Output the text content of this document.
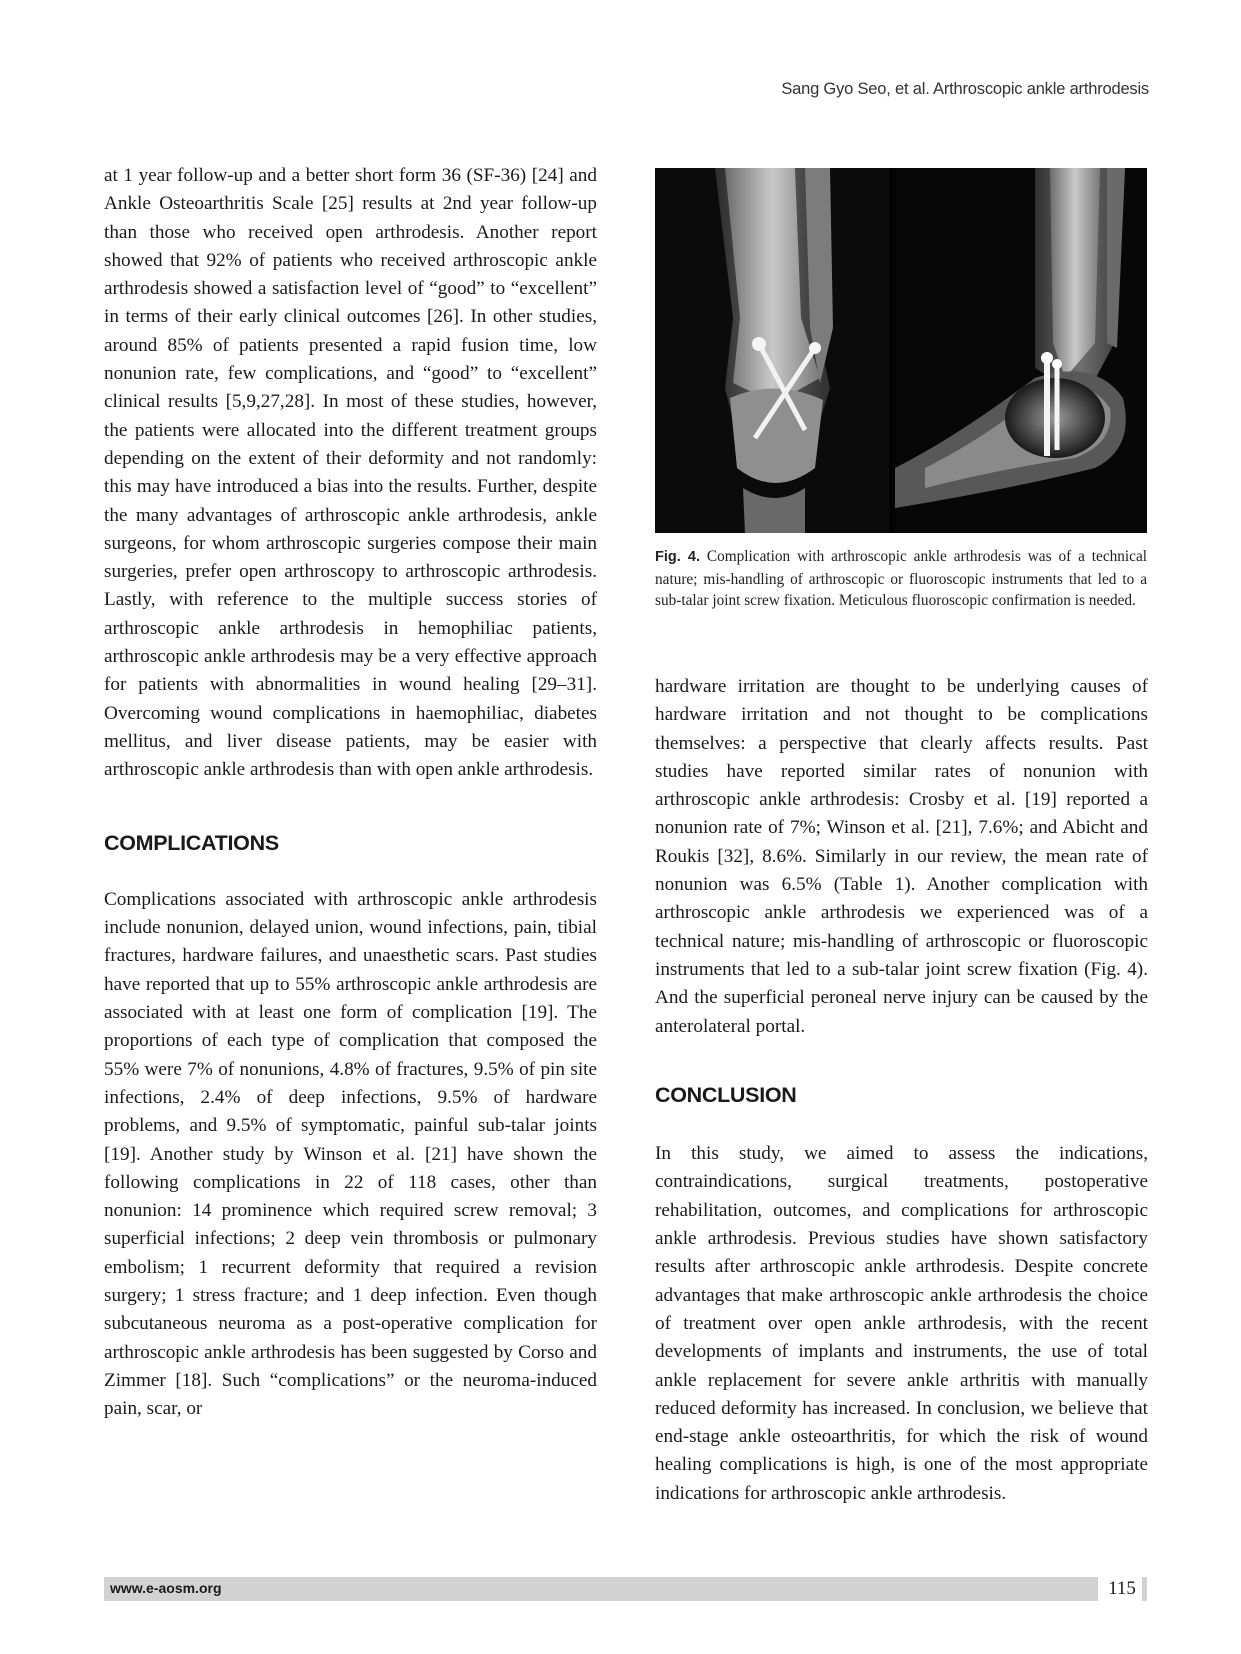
Sang Gyo Seo, et al. Arthroscopic ankle arthrodesis

at 1 year follow-up and a better short form 36 (SF-36) [24] and Ankle Osteoarthritis Scale [25] results at 2nd year follow-up than those who received open arthrodesis. Another report showed that 92% of patients who received arthroscopic ankle arthrodesis showed a satisfaction level of “good” to “excellent” in terms of their early clinical outcomes [26]. In other studies, around 85% of patients presented a rapid fusion time, low nonunion rate, few complications, and “good” to “excellent” clinical results [5,9,27,28]. In most of these studies, however, the patients were allocated into the different treatment groups depending on the extent of their deformity and not randomly: this may have introduced a bias into the results. Further, despite the many advantages of arthroscopic ankle arthrodesis, ankle surgeons, for whom arthroscopic surgeries compose their main surgeries, prefer open arthroscopy to arthroscopic arthrodesis. Lastly, with reference to the multiple success stories of arthroscopic ankle arthrodesis in hemophiliac patients, arthroscopic ankle arthrodesis may be a very effective approach for patients with abnormalities in wound healing [29–31]. Overcoming wound complications in haemophiliac, diabetes mellitus, and liver disease patients, may be easier with arthroscopic ankle arthrodesis than with open ankle arthrodesis.

COMPLICATIONS

Complications associated with arthroscopic ankle arthrodesis include nonunion, delayed union, wound infections, pain, tibial fractures, hardware failures, and unaesthetic scars. Past studies have reported that up to 55% arthroscopic ankle arthrodesis are associated with at least one form of complication [19]. The proportions of each type of complication that composed the 55% were 7% of nonunions, 4.8% of fractures, 9.5% of pin site infections, 2.4% of deep infections, 9.5% of hardware problems, and 9.5% of symptomatic, painful sub-talar joints [19]. Another study by Winson et al. [21] have shown the following complications in 22 of 118 cases, other than nonunion: 14 prominence which required screw removal; 3 superficial infections; 2 deep vein thrombosis or pulmonary embolism; 1 recurrent deformity that required a revision surgery; 1 stress fracture; and 1 deep infection. Even though subcutaneous neuroma as a post-operative complication for arthroscopic ankle arthrodesis has been suggested by Corso and Zimmer [18]. Such “complications” or the neuroma-induced pain, scar, or

Fig. 4. Complication with arthroscopic ankle arthrodesis was of a technical nature; mis-handling of arthroscopic or fluoroscopic instruments that led to a sub-talar joint screw fixation. Meticulous fluoroscopic confirmation is needed.

hardware irritation are thought to be underlying causes of hardware irritation and not thought to be complications themselves: a perspective that clearly affects results. Past studies have reported similar rates of nonunion with arthroscopic ankle arthrodesis: Crosby et al. [19] reported a nonunion rate of 7%; Winson et al. [21], 7.6%; and Abicht and Roukis [32], 8.6%. Similarly in our review, the mean rate of nonunion was 6.5% (Table 1). Another complication with arthroscopic ankle arthrodesis we experienced was of a technical nature; mis-handling of arthroscopic or fluoroscopic instruments that led to a sub-talar joint screw fixation (Fig. 4). And the superficial peroneal nerve injury can be caused by the anterolateral portal.

CONCLUSION

In this study, we aimed to assess the indications, contraindications, surgical treatments, postoperative rehabilitation, outcomes, and complications for arthroscopic ankle arthrodesis. Previous studies have shown satisfactory results after arthroscopic ankle arthrodesis. Despite concrete advantages that make arthroscopic ankle arthrodesis the choice of treatment over open ankle arthrodesis, with the recent developments of implants and instruments, the use of total ankle replacement for severe ankle arthritis with manually reduced deformity has increased. In conclusion, we believe that end-stage ankle osteoarthritis, for which the risk of wound healing complications is high, is one of the most appropriate indications for arthroscopic ankle arthrodesis.

www.e-aosm.org	115
